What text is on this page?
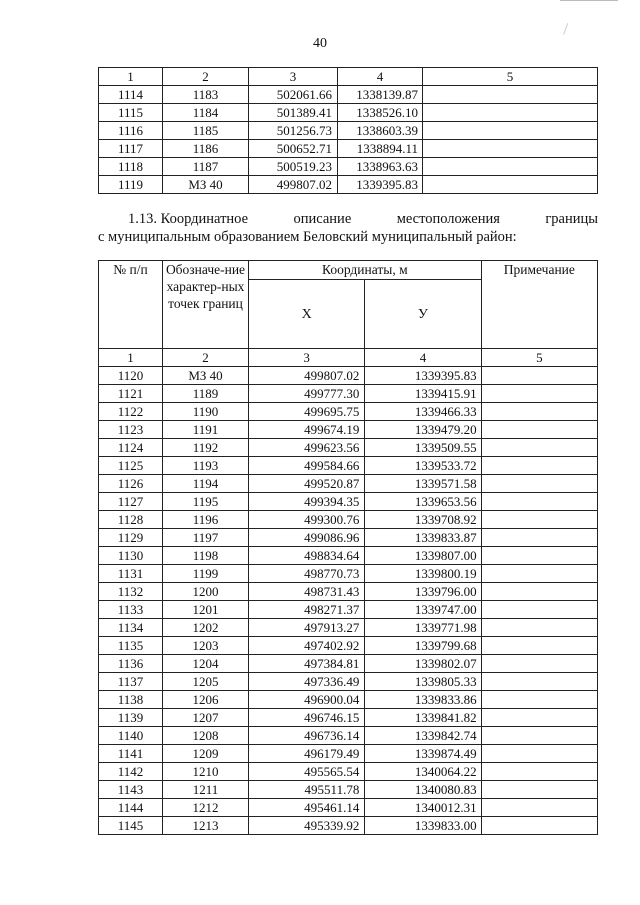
40
1	2	3	4	5
1114	1183	502061.66	1338139.87	
1115	1184	501389.41	1338526.10	
1116	1185	501256.73	1338603.39	
1117	1186	500652.71	1338894.11	
1118	1187	500519.23	1338963.63	
1119	МЗ 40	499807.02	1339395.83	
1.13. Координатное	описание	местоположения	границы
с муниципальным образованием Беловский муниципальный район:
№ п/п	Обозначе-ние характер-ных точек границ	Координаты, м		Примечание
		Х	У	
1	2	3	4	5
1120	МЗ 40	499807.02	1339395.83	
1121	1189	499777.30	1339415.91	
1122	1190	499695.75	1339466.33	
1123	1191	499674.19	1339479.20	
1124	1192	499623.56	1339509.55	
1125	1193	499584.66	1339533.72	
1126	1194	499520.87	1339571.58	
1127	1195	499394.35	1339653.56	
1128	1196	499300.76	1339708.92	
1129	1197	499086.96	1339833.87	
1130	1198	498834.64	1339807.00	
1131	1199	498770.73	1339800.19	
1132	1200	498731.43	1339796.00	
1133	1201	498271.37	1339747.00	
1134	1202	497913.27	1339771.98	
1135	1203	497402.92	1339799.68	
1136	1204	497384.81	1339802.07	
1137	1205	497336.49	1339805.33	
1138	1206	496900.04	1339833.86	
1139	1207	496746.15	1339841.82	
1140	1208	496736.14	1339842.74	
1141	1209	496179.49	1339874.49	
1142	1210	495565.54	1340064.22	
1143	1211	495511.78	1340080.83	
1144	1212	495461.14	1340012.31	
1145	1213	495339.92	1339833.00	
